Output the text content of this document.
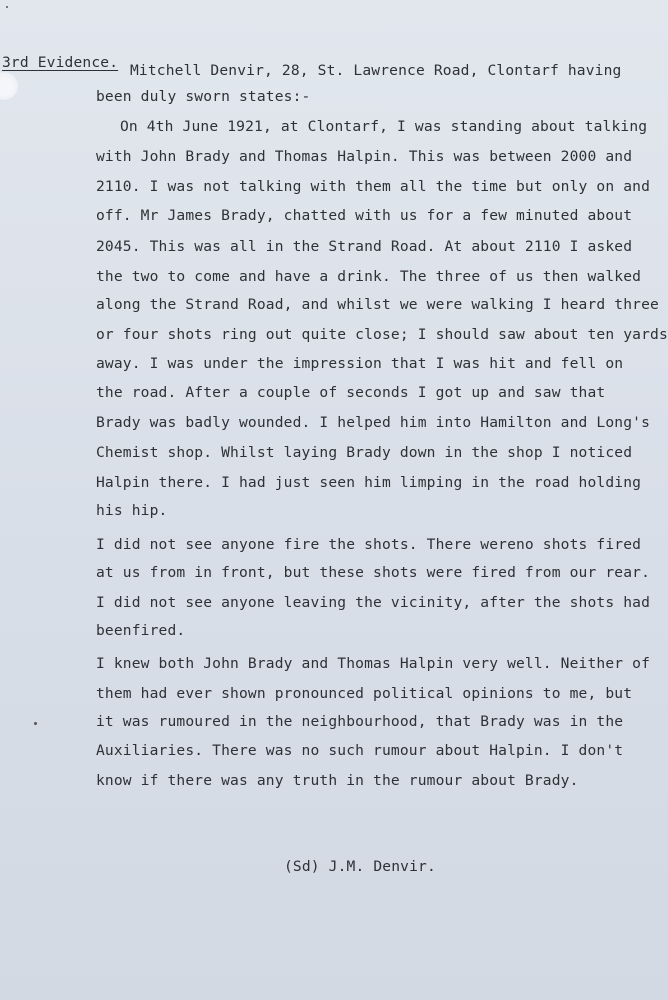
3rd Evidence. Mitchell Denvir, 28, St. Lawrence Road, Clontarf having
been duly sworn states:-
On 4th June 1921, at Clontarf, I was standing about talking
with John Brady and Thomas Halpin. This was between 2000 and
2110. I was not talking with them all the time but only on and
off. Mr James Brady, chatted with us for a few minuted about
2045. This was all in the Strand Road. At about 2110 I asked
the two to come and have a drink. The three of us then walked
along the Strand Road, and whilst we were walking I heard three
or four shots ring out quite close; I should saw about ten yards
away. I was under the impression that I was hit and fell on
the road. After a couple of seconds I got up and saw that
Brady was badly wounded. I helped him into Hamilton and Long's
Chemist shop. Whilst laying Brady down in the shop I noticed
Halpin there. I had just seen him limping in the road holding
his hip.
I did not see anyone fire the shots. There wereno shots fired
at us from in front, but these shots were fired from our rear.
I did not see anyone leaving the vicinity, after the shots had
beenfired.
I knew both John Brady and Thomas Halpin very well. Neither of
them had ever shown pronounced political opinions to me, but
it was rumoured in the neighbourhood, that Brady was in the
Auxiliaries. There was no such rumour about Halpin. I don't
know if there was any truth in the rumour about Brady.
(Sd) J.M. Denvir.
